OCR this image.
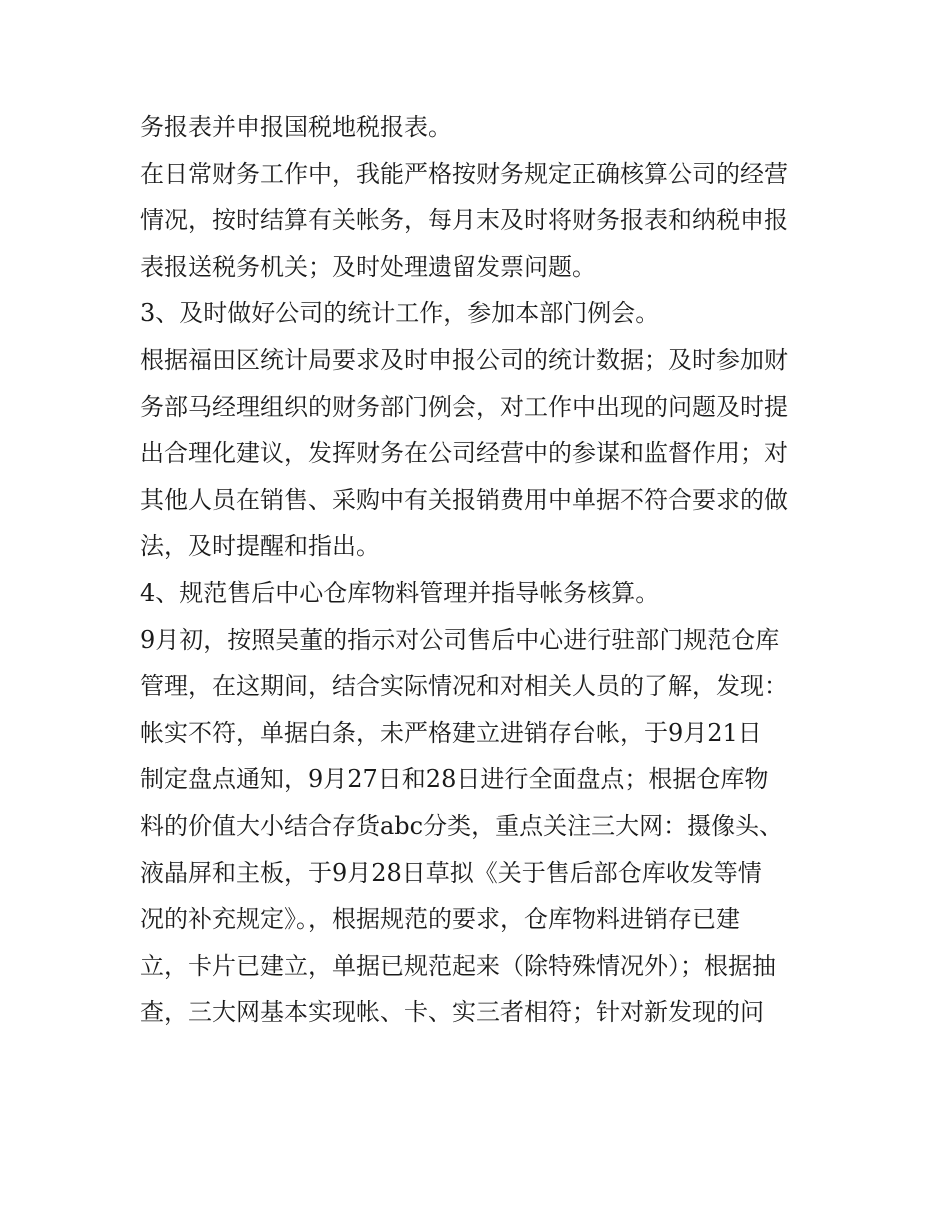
务报表并申报国税地税报表。
在日常财务工作中，我能严格按财务规定正确核算公司的经营
情况，按时结算有关帐务，每月末及时将财务报表和纳税申报
表报送税务机关；及时处理遗留发票问题。
3、及时做好公司的统计工作，参加本部门例会。
根据福田区统计局要求及时申报公司的统计数据；及时参加财
务部马经理组织的财务部门例会，对工作中出现的问题及时提
出合理化建议，发挥财务在公司经营中的参谋和监督作用；对
其他人员在销售、采购中有关报销费用中单据不符合要求的做
法，及时提醒和指出。
4、规范售后中心仓库物料管理并指导帐务核算。
9月初，按照吴董的指示对公司售后中心进行驻部门规范仓库
管理，在这期间，结合实际情况和对相关人员的了解，发现：
帐实不符，单据白条，未严格建立进销存台帐，于9月21日
制定盘点通知，9月27日和28日进行全面盘点；根据仓库物
料的价值大小结合存货abc分类，重点关注三大网：摄像头、
液晶屏和主板，于9月28日草拟《关于售后部仓库收发等情
况的补充规定》。，根据规范的要求，仓库物料进销存已建
立，卡片已建立，单据已规范起来（除特殊情况外）；根据抽
查，三大网基本实现帐、卡、实三者相符；针对新发现的问
